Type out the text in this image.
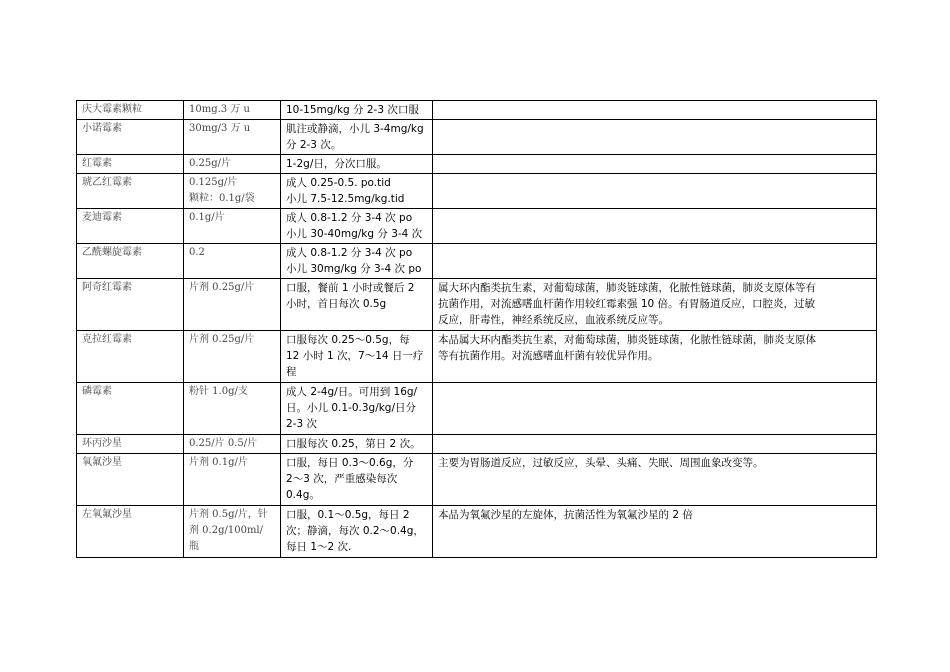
庆大霉素颗粒	10mg.3 万 u	10-15mg/kg 分 2-3 次口服	

小诺霉素	30mg/3 万 u	肌注或静滴，小儿 3-4mg/kg
分 2-3 次。	

红霉素	0.25g/片	1-2g/日，分次口服。	

琥乙红霉素	0.125g/片
颗粒：0.1g/袋	成人 0.25-0.5. po.tid
小儿 7.5-12.5mg/kg.tid	

麦迪霉素	0.1g/片	成人 0.8-1.2 分 3-4 次 po
小儿 30-40mg/kg 分 3-4 次	

乙酰螺旋霉素	0.2	成人 0.8-1.2 分 3-4 次 po
小儿 30mg/kg 分 3-4 次 po	

阿奇红霉素	片剂 0.25g/片	口服，餐前 1 小时或餐后 2
小时，首日每次 0.5g	属大环内酯类抗生素，对葡萄球菌，肺炎链球菌，化脓性链球菌，肺炎支原体等有
抗菌作用，对流感嗜血杆菌作用较红霉素强 10 倍。有胃肠道反应，口腔炎，过敏
反应，肝毒性，神经系统反应，血液系统反应等。

克拉红霉素	片剂 0.25g/片	口服每次 0.25～0.5g，每
12 小时 1 次，7～14 日一疗
程	本品属大环内酯类抗生素，对葡萄球菌，肺炎链球菌，化脓性链球菌，肺炎支原体
等有抗菌作用。对流感嗜血杆菌有较优异作用。

磷霉素	粉针 1.0g/支	成人 2-4g/日。可用到 16g/
日。小儿 0.1-0.3g/kg/日分
2-3 次	

环丙沙星	0.25/片 0.5/片	口服每次 0.25，第日 2 次。	

氧氟沙星	片剂 0.1g/片	口服，每日 0.3～0.6g，分
2～3 次，严重感染每次
0.4g。	主要为胃肠道反应，过敏反应，头晕、头痛、失眠、周围血象改变等。

左氧氟沙星	片剂 0.5g/片，针
剂 0.2g/100ml/
瓶	口服，0.1～0.5g，每日 2
次；静滴，每次 0.2～0.4g，
每日 1～2 次.	本品为氧氟沙星的左旋体，抗菌活性为氧氟沙星的 2 倍
